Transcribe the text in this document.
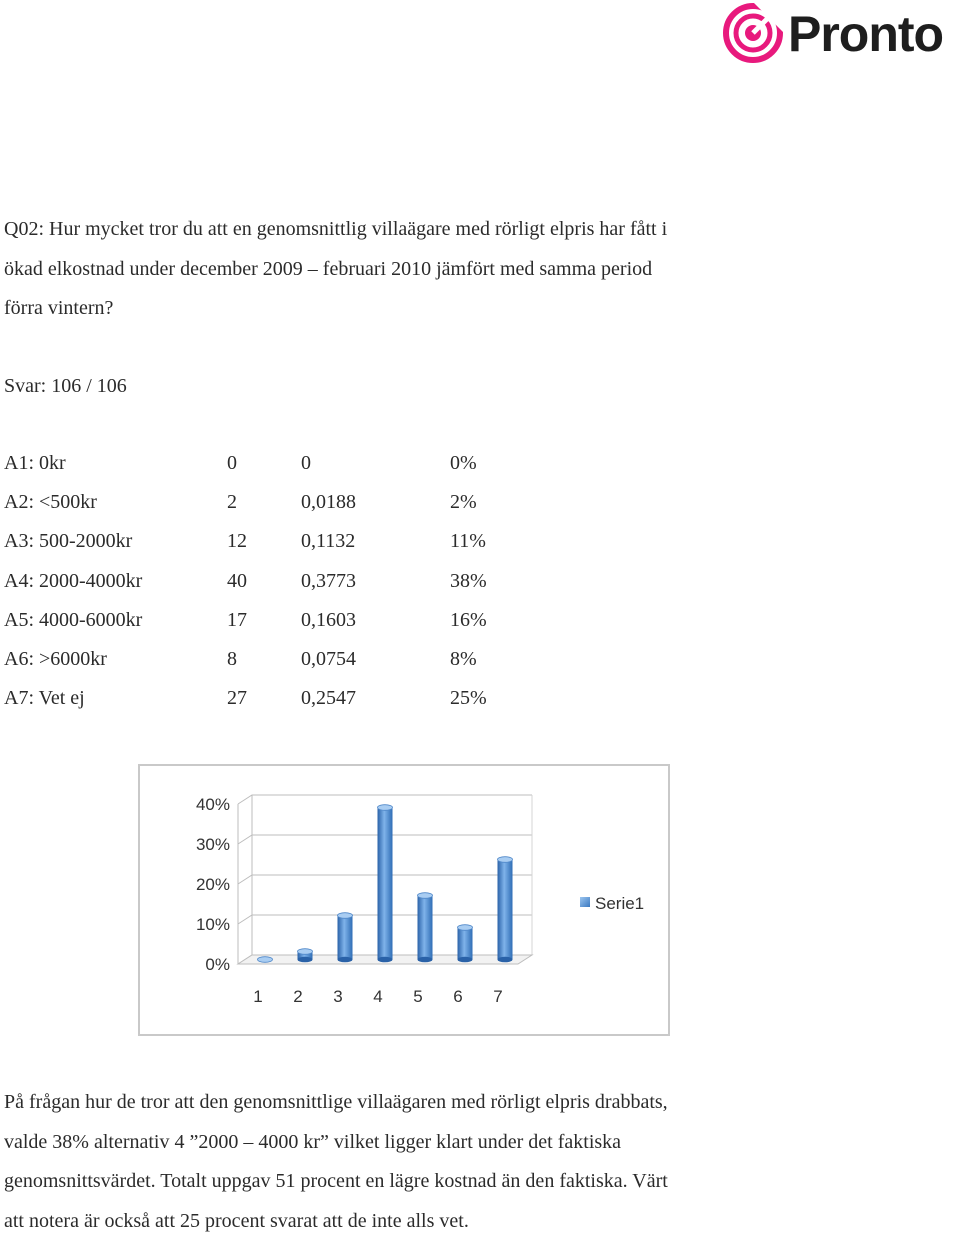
Pronto
Q02: Hur mycket tror du att en genomsnittlig villaägare med rörligt elpris har fått i
ökad elkostnad under december 2009 – februari 2010 jämfört med samma period
förra vintern?
Svar: 106 / 106
A1: 0kr	0	0	0%
A2: <500kr	2	0,0188	2%
A3: 500-2000kr	12	0,1132	11%
A4: 2000-4000kr	40	0,3773	38%
A5: 4000-6000kr	17	0,1603	16%
A6: >6000kr	8	0,0754	8%
A7: Vet ej	27	0,2547	25%
0%
10%
20%
30%
40%
1 2 3 4 5 6 7
Serie1
På frågan hur de tror att den genomsnittlige villaägaren med rörligt elpris drabbats,
valde 38% alternativ 4 ”2000 – 4000 kr” vilket ligger klart under det faktiska
genomsnittsvärdet. Totalt uppgav 51 procent en lägre kostnad än den faktiska. Värt
att notera är också att 25 procent svarat att de inte alls vet.
